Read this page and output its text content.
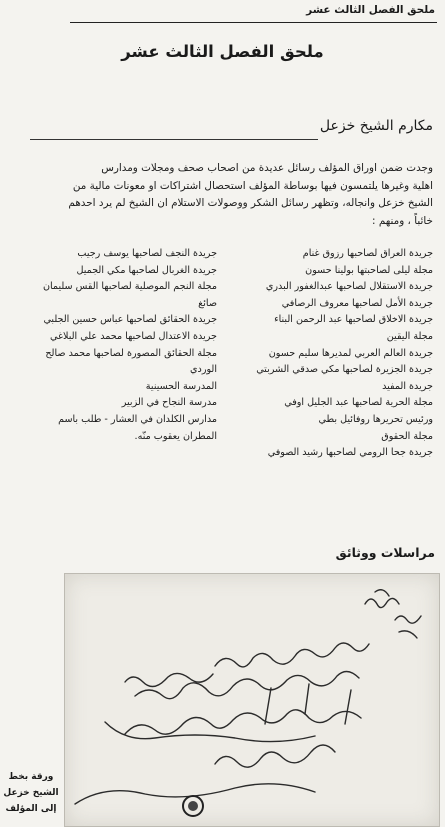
ملحق الفصل الثالث عشر
ملحق الفصل الثالث عشر
مكارم الشيخ خزعل
وجدت ضمن اوراق المؤلف رسائل عديدة من اصحاب صحف ومجلات ومدارس
اهلية وغيرها يلتمسون فيها بوساطة المؤلف استحصال اشتراكات او معونات مالية من
الشيخ خزعل وانجاله، وتظهر رسائل الشكر ووصولات الاستلام ان الشيخ لم يرد احدهم
خائباً ، ومنهم :
جريدة العراق لصاحبها رزوق غنام
مجلة ليلى لصاحبتها بولينا حسون
جريدة الاستقلال لصاحبها عبدالغفور البدري
جريدة الأمل لصاحبها معروف الرصافي
جريدة الاخلاق لصاحبها عبد الرحمن البناء
مجلة اليقين
جريدة العالم العربي لمديرها سليم حسون
جريدة الجزيرة لصاحبها مكي صدقي الشربتي
جريدة المفيد
مجلة الحرية لصاحبها عبد الجليل اوفي
ورئيس تحريرها روفائيل بطي
مجلة الحقوق
جريدة جحا الرومي لصاحبها رشيد الصوفي
جريدة النجف لصاحبها يوسف رجيب
جريدة الغربال لصاحبها مكي الجميل
مجلة النجم الموصلية لصاحبها القس سليمان
صائغ
جريدة الحقائق لصاحبها عباس حسين الجلبي
جريدة الاعتدال لصاحبها محمد علي البلاغي
مجلة الحقائق المصورة لصاحبها محمد صالح
الوردي
المدرسة الحسينية
مدرسة النجاح في الزبير
مدارس الكلدان في العشار - طلب باسم
المطران يعقوب منّه.
مراسلات ووثائق
ورقة بخط
الشيخ خزعل
إلى المؤلف
